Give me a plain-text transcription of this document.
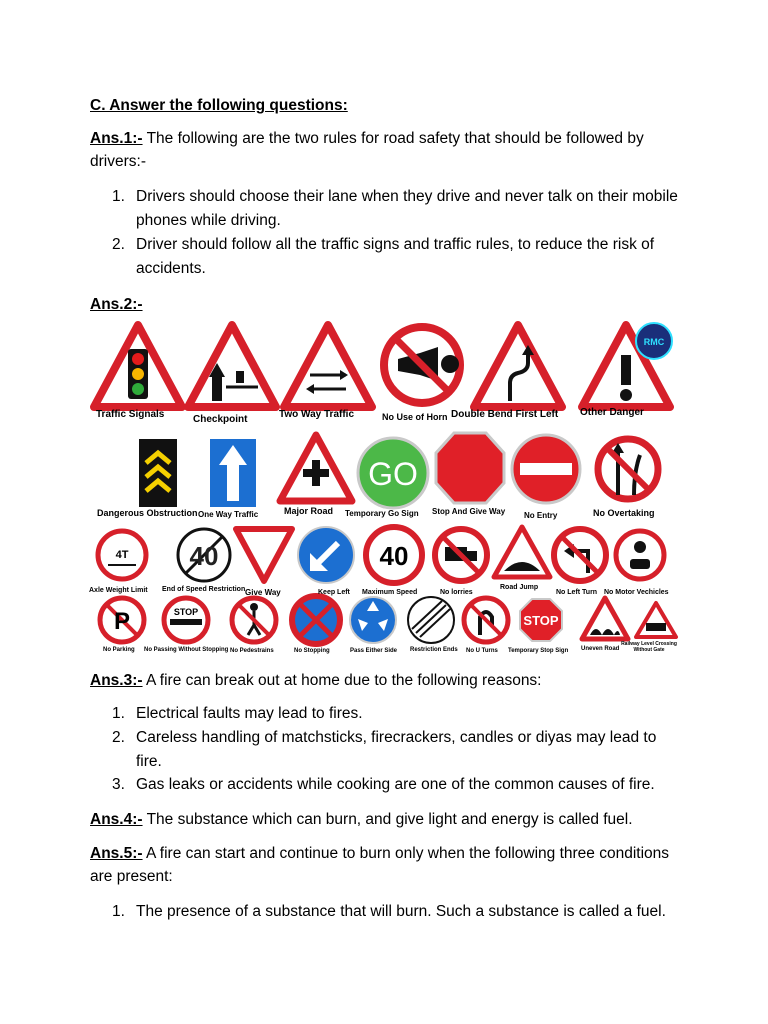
C. Answer the following questions:
Ans.1:- The following are the two rules for road safety that should be followed by drivers:-
1. Drivers should choose their lane when they drive and never talk on their mobile phones while driving.
2. Driver should follow all the traffic signs and traffic rules, to reduce the risk of accidents.
Ans.2:-
RMC
GO
4T 40	40
P	STOP
STOP
Traffic Signals	Checkpoint	Two Way Traffic	No Use of Horn Double Bend First Left Other Danger
Dangerous Obstruction One Way Traffic	Major Road Temporary Go Sign Stop And Give Way No Entry	No Overtaking
Axle Weight Limit End of Speed Restriction Give Way	Keep Left Maximum Speed	No lorries
Road Jump
No Left Turn No Motor Vechicles
No Parking No Passing Without Stopping No Pedestrains	No Stopping	Pass Either Side Restriction Ends No U Turns Temporary Stop Sign Uneven Road
Railway Level Crossing Without Gate
Ans.3:- A fire can break out at home due to the following reasons:
1. Electrical faults may lead to fires.
2. Careless handling of matchsticks, firecrackers, candles or diyas may lead to fire.
3. Gas leaks or accidents while cooking are one of the common causes of fire.
Ans.4:- The substance which can burn, and give light and energy is called fuel.
Ans.5:- A fire can start and continue to burn only when the following three conditions are present:
1. The presence of a substance that will burn. Such a substance is called a fuel.
